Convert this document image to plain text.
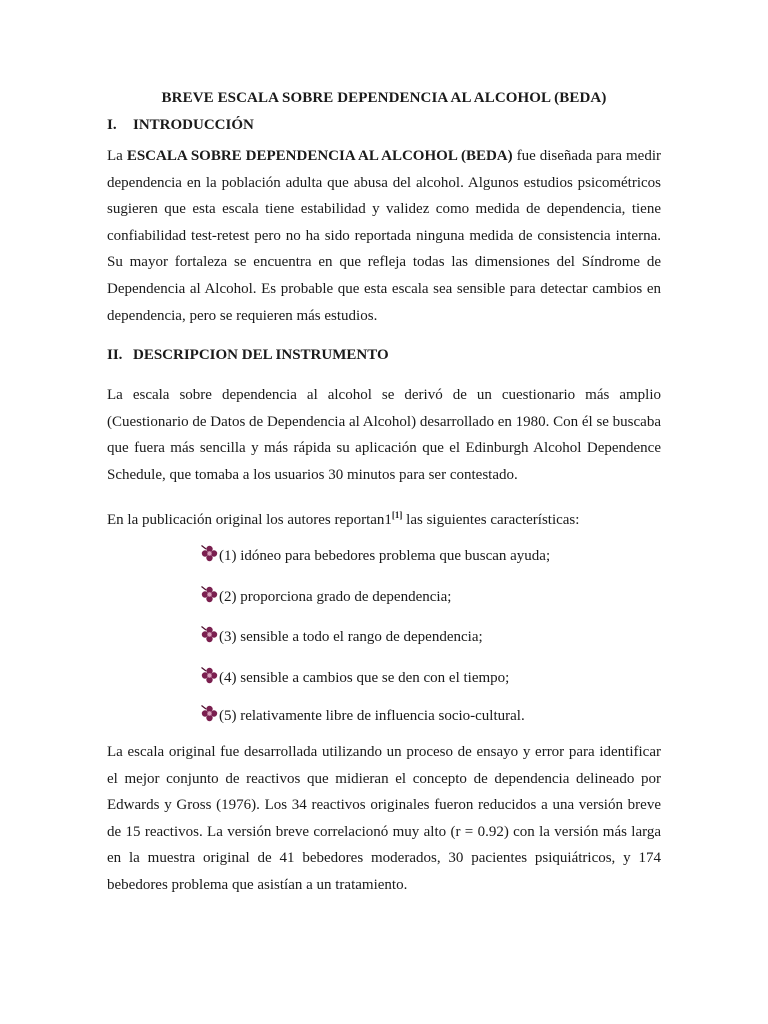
BREVE ESCALA SOBRE DEPENDENCIA AL ALCOHOL (BEDA)
I. INTRODUCCIÓN
La ESCALA SOBRE DEPENDENCIA AL ALCOHOL (BEDA) fue diseñada para medir dependencia en la población adulta que abusa del alcohol. Algunos estudios psicométricos sugieren que esta escala tiene estabilidad y validez como medida de dependencia, tiene confiabilidad test-retest pero no ha sido reportada ninguna medida de consistencia interna. Su mayor fortaleza se encuentra en que refleja todas las dimensiones del Síndrome de Dependencia al Alcohol. Es probable que esta escala sea sensible para detectar cambios en dependencia, pero se requieren más estudios.
II. DESCRIPCION DEL INSTRUMENTO
La escala sobre dependencia al alcohol se derivó de un cuestionario más amplio (Cuestionario de Datos de Dependencia al Alcohol) desarrollado en 1980. Con él se buscaba que fuera más sencilla y más rápida su aplicación que el Edinburgh Alcohol Dependence Schedule, que tomaba a los usuarios 30 minutos para ser contestado.
En la publicación original los autores reportan1[1] las siguientes características:
(1) idóneo para bebedores problema que buscan ayuda;
(2) proporciona grado de dependencia;
(3) sensible a todo el rango de dependencia;
(4) sensible a cambios que se den con el tiempo;
(5) relativamente libre de influencia socio-cultural.
La escala original fue desarrollada utilizando un proceso de ensayo y error para identificar el mejor conjunto de reactivos que midieran el concepto de dependencia delineado por Edwards y Gross (1976). Los 34 reactivos originales fueron reducidos a una versión breve de 15 reactivos. La versión breve correlacionó muy alto (r = 0.92) con la versión más larga en la muestra original de 41 bebedores moderados, 30 pacientes psiquiátricos, y 174 bebedores problema que asistían a un tratamiento.
